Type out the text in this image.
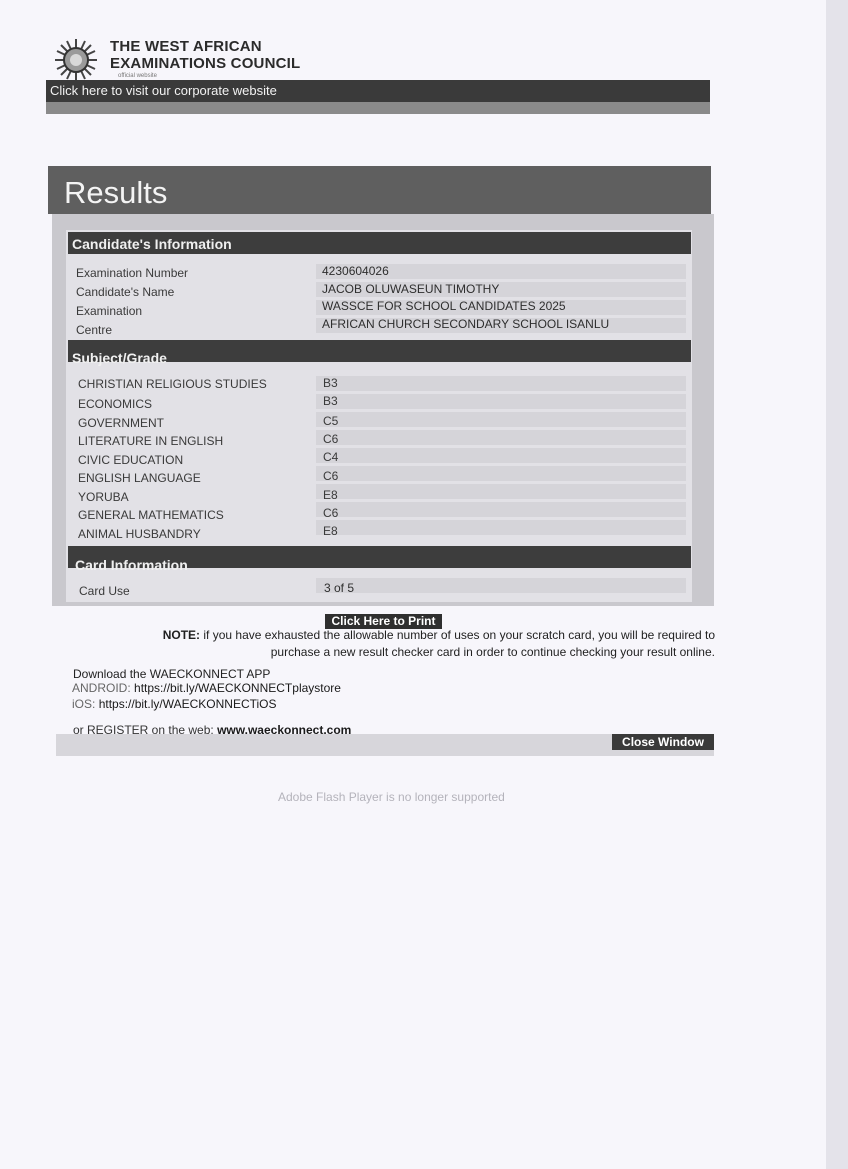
THE WEST AFRICAN
EXAMINATIONS COUNCIL
official website
Click here to visit our corporate website
Results
Candidate's Information
Examination Number	4230604026
Candidate's Name	JACOB OLUWASEUN TIMOTHY
Examination	WASSCE FOR SCHOOL CANDIDATES 2025
Centre	AFRICAN CHURCH SECONDARY SCHOOL ISANLU
Subject/Grade
CHRISTIAN RELIGIOUS STUDIES	B3
ECONOMICS	B3
GOVERNMENT	C5
LITERATURE IN ENGLISH	C6
CIVIC EDUCATION	C4
ENGLISH LANGUAGE	C6
YORUBA	E8
GENERAL MATHEMATICS	C6
ANIMAL HUSBANDRY	E8
Card Information
Card Use	3 of 5
Click Here to Print
NOTE: if you have exhausted the allowable number of uses on your scratch card, you will be required to
purchase a new result checker card in order to continue checking your result online.
Download the WAECKONNECT APP
ANDROID: https://bit.ly/WAECKONNECTplaystore
iOS: https://bit.ly/WAECKONNECTiOS
or REGISTER on the web: www.waeckonnect.com
Close Window
Adobe Flash Player is no longer supported
